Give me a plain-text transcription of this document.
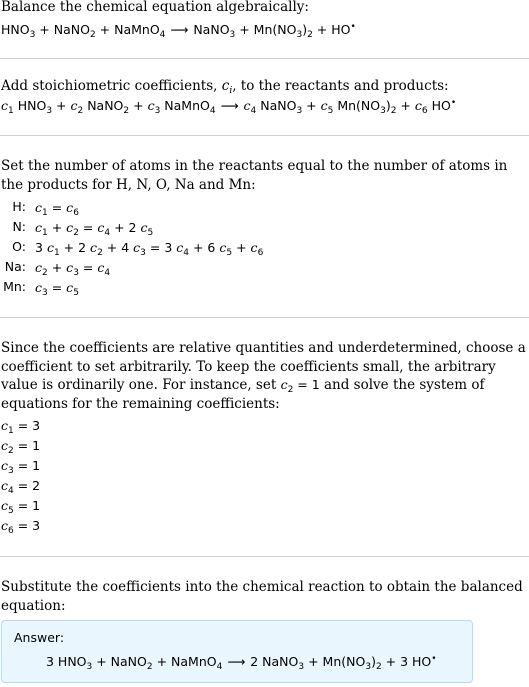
Balance the chemical equation algebraically:
$HNO_3$ + NaNO$_2$ + NaMnO$_4$ ⟶ NaNO$_3$ + $Mn(NO_3)_2 + HO^•$
Add stoichiometric coefficients, $c_i$, to the reactants and products:
$c_1$ $HNO_3 + c_2$ NaNO$_2$ + $c_3$ NaMnO$_4$ ⟶ $c_4$ NaNO$_3$ + $c_5$ $Mn(NO_3)_2 + c_6$ HO•
Set the number of atoms in the reactants equal to the number of atoms in the products for H, N, O, Na and Mn:
H: $c_1 = c_6$
N: $c_1 + c_2 = c_4 + 2$ $c_5$
O: 3 $c_1 + 2$ $c_2 + 4$ $c_3 = 3$ $c_4 + 6$ $c_5 + c_6$
Na: $c_2 + c_3 = c_4$
Mn: $c_3 = c_5$
Since the coefficients are relative quantities and underdetermined, choose a coefficient to set arbitrarily. To keep the coefficients small, the arbitrary value is ordinarily one. For instance, set $c_2 = 1$ and solve the system of equations for the remaining coefficients:
$c_1 = 3$
$c_2 = 1$
$c_3 = 1$
$c_4 = 2$
$c_5 = 1$
$c_6 = 3$
Substitute the coefficients into the chemical reaction to obtain the balanced equation:
Answer:
3 $HNO_3$ + NaNO$_2$ + NaMnO$_4$ ⟶ 2 NaNO$_3$ + $Mn(NO_3)_2 + 3$ HO•
